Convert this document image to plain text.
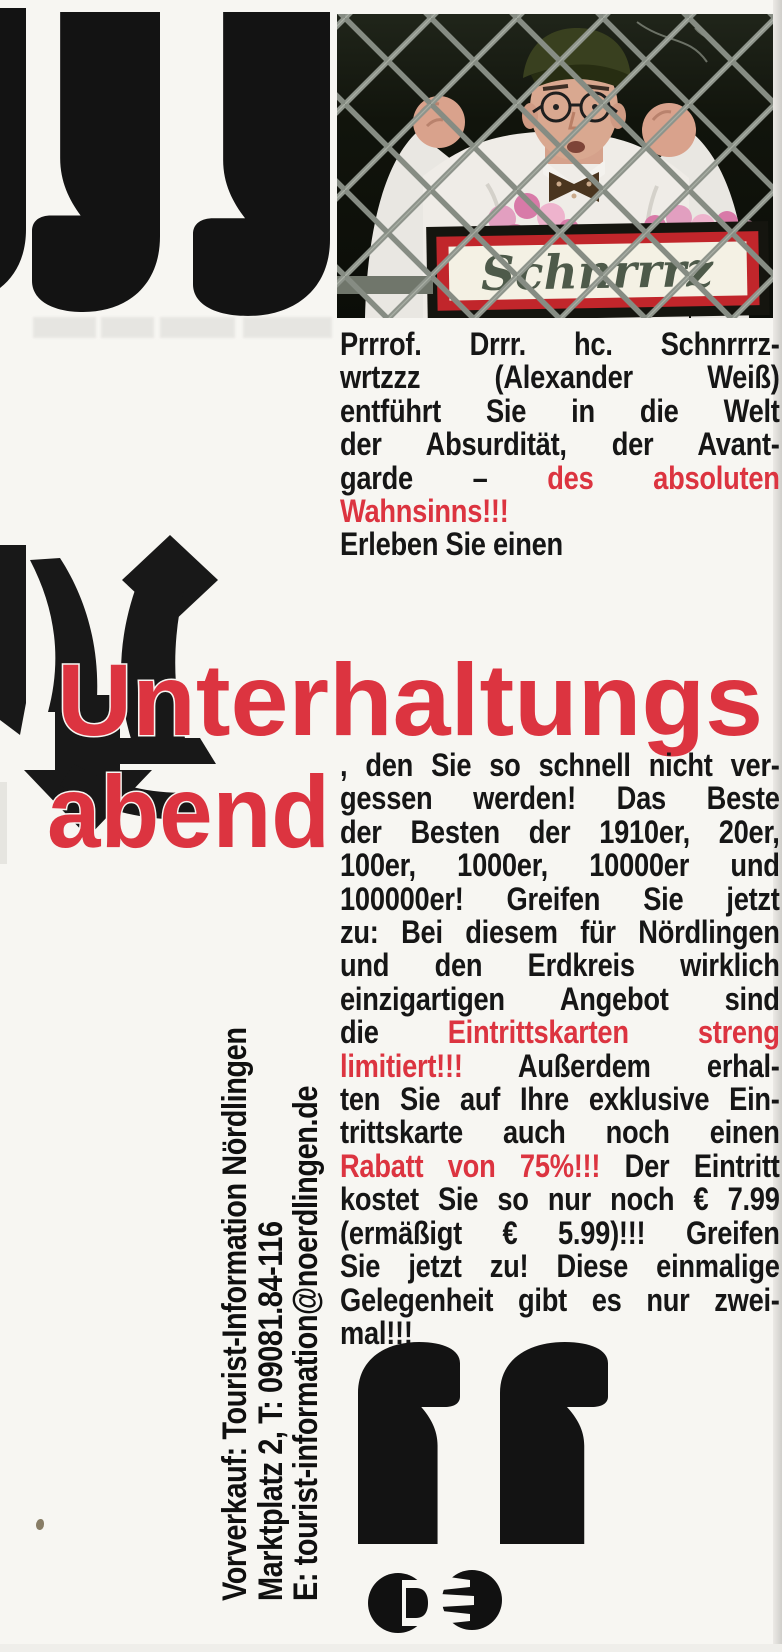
Prrrof. Drrr. hc. Schnrrrz-
wrtzzz (Alexander Weiß)
entführt Sie in die Welt
der Absurdität, der Avant-
garde – des absoluten
Wahnsinns!!!
Erleben Sie einen
Unterhaltungs
abend , den Sie so schnell nicht ver-
gessen werden! Das Beste
der Besten der 1910er, 20er,
100er, 1000er, 10000er und
100000er! Greifen Sie jetzt
zu: Bei diesem für Nördlingen
und den Erdkreis wirklich
einzigartigen Angebot sind
die Eintrittskarten streng
limitiert!!! Außerdem erhal-
ten Sie auf Ihre exklusive Ein-
trittskarte auch noch einen
Rabatt von 75%!!! Der Eintritt
kostet Sie so nur noch € 7.99
(ermäßigt € 5.99)!!! Greifen
Sie jetzt zu! Diese einmalige
Gelegenheit gibt es nur zwei-
mal!!!
Vorverkauf: Tourist-Information Nördlingen
Marktplatz 2, T: 09081.84-116
E: tourist-information@noerdlingen.de
